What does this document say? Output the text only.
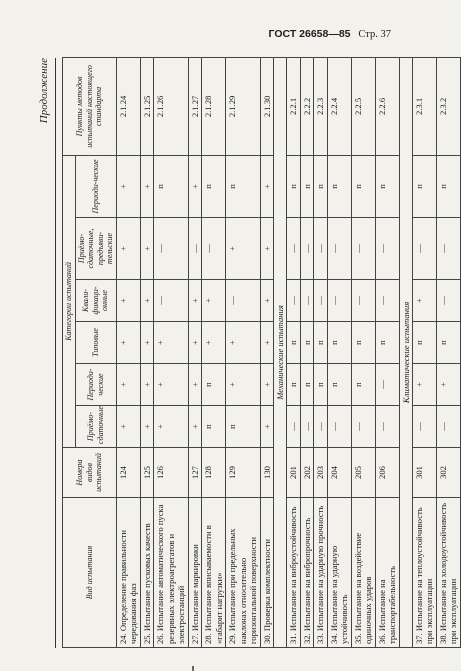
ГОСТ 26658—85 Стр. 37
Продолжение
Вид испытания	Номера видов испытаний	Категории испытаний						Пункты методов испытаний настоящего стандарта
		Приёмо-сдаточные	Периоди-ческие	Типовые	Квали-фикаци-онные	Приёмо-сдаточные, предъяви-тельские	Периоди-ческие	
24. Определение правильности чередования фаз	124	+	+	+	+	+	+	2.1.24
25. Испытание пусковых качеств	125	+	+	+	+	+	+	2.1.25
26. Испытание автоматического пуска резервных электроагрегатов и электростанций	126	+	+	+	—	—	п	2.1.26
27. Испытание маркировки	127	+	+	+	+	—	+	2.1.27
28. Испытание вписываемости в «габарит нагрузки»	128	п	п	+	+	—	п	2.1.28
29. Испытание при предельных наклонах относительно горизонтальной поверхности	129	п	+	+	—	+	п	2.1.29
30. Проверка комплектности	130	+	+	+	+	+	+	2.1.30
Механические испытания								
31. Испытание на виброустойчивость	201	—	п	п	—	—	п	2.2.1
32. Испытание на вибропрочность	202	—	п	п	—	—	п	2.2.2
33. Испытание на ударную прочность	203	—	п	п	—	—	п	2.2.3
34. Испытание на ударную устойчивость	204	—	п	п	—	—	п	2.2.4
35. Испытание на воздействие одиночных ударов	205	—	п	п	—	—	п	2.2.5
36. Испытание на транспортабельность	206	—	—	п	—	—	п	2.2.6
Климатические испытания								
37. Испытание на теплоустойчивость при эксплуатации	301	—	+	п	+	—	п	2.3.1
38. Испытание на холодоустойчивость при эксплуатации	302	—	+	п	—	—	п	2.3.2
